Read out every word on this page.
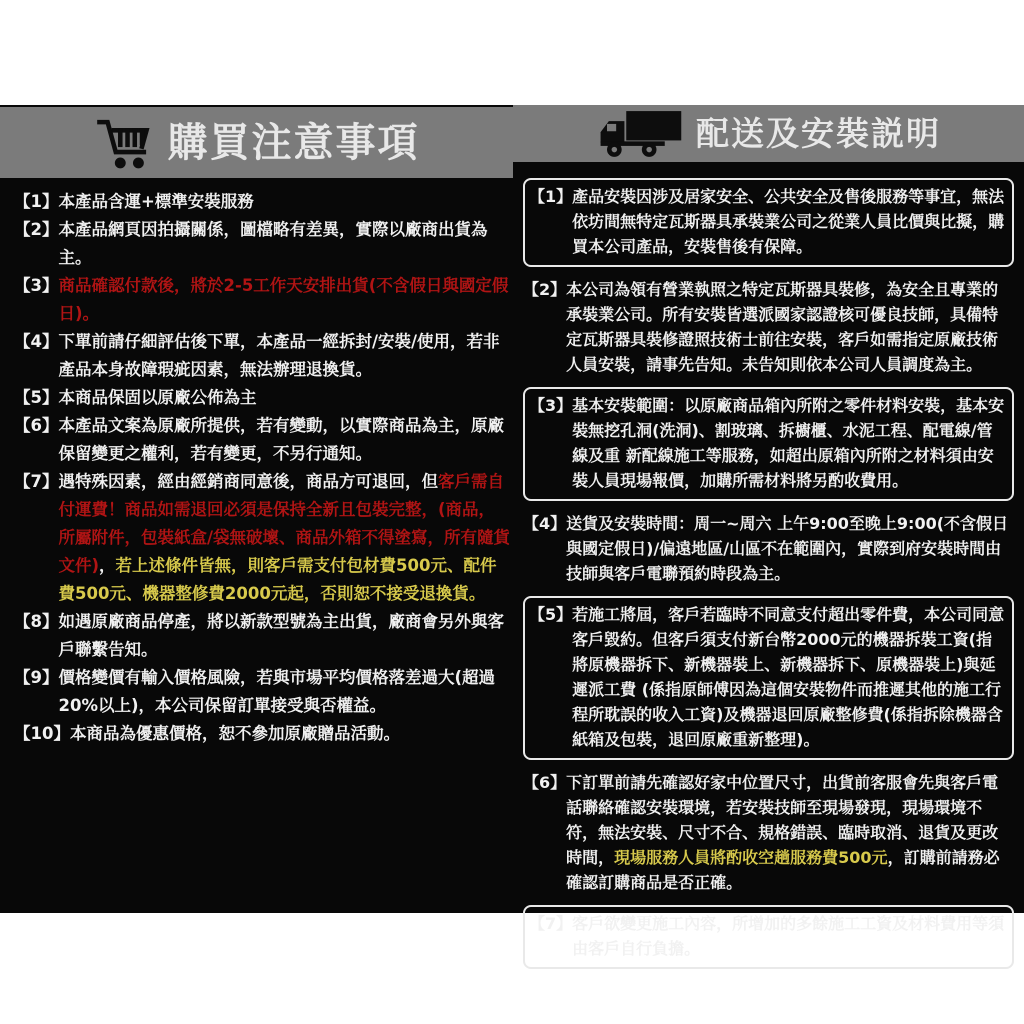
購買注意事項
【1】 本產品含運+標準安裝服務
【2】 本產品網頁因拍攝關係，圖檔略有差異，實際以廠商出貨為主。
【3】 商品確認付款後，將於2-5工作天安排出貨(不含假日與國定假日)。
【4】 下單前請仔細評估後下單，本產品一經拆封/安裝/使用，若非產品本身故障瑕疵因素，無法辦理退換貨。
【5】 本商品保固以原廠公佈為主
【6】 本產品文案為原廠所提供，若有變動，以實際商品為主，原廠保留變更之權利，若有變更，不另行通知。
【7】 遇特殊因素，經由經銷商同意後，商品方可退回，但客戶需自付運費！商品如需退回必須是保持全新且包裝完整，(商品，所屬附件，包裝紙盒/袋無破壞、商品外箱不得塗寫，所有隨貨文件)，若上述條件皆無，則客戶需支付包材費500元、配件費500元、機器整修費2000元起，否則恕不接受退換貨。
【8】 如遇原廠商品停產，將以新款型號為主出貨，廠商會另外與客戶聯繫告知。
【9】 價格變價有輸入價格風險，若與市場平均價格落差過大(超過20%以上)，本公司保留訂單接受與否權益。
【10】 本商品為優惠價格，恕不參加原廠贈品活動。
配送及安裝説明
【1】 產品安裝因涉及居家安全、公共安全及售後服務等事宜，無法依坊間無特定瓦斯器具承裝業公司之從業人員比價與比擬，購買本公司產品，安裝售後有保障。
【2】 本公司為領有營業執照之特定瓦斯器具裝修，為安全且專業的承裝業公司。所有安裝皆選派國家認證核可優良技師，具備特定瓦斯器具裝修證照技術士前往安裝，客戶如需指定原廠技術人員安裝，請事先告知。未告知則依本公司人員調度為主。
【3】 基本安裝範圍：以原廠商品箱內所附之零件材料安裝，基本安裝無挖孔洞(洗洞)、割玻璃、拆櫥櫃、水泥工程、配電線/管線及重 新配線施工等服務，如超出原箱內所附之材料須由安裝人員現場報價，加購所需材料將另酌收費用。
【4】 送貨及安裝時間：周一~周六 上午9:00至晚上9:00(不含假日與國定假日)/偏遠地區/山區不在範圍內，實際到府安裝時間由技師與客戶電聯預約時段為主。
【5】 若施工將屆，客戶若臨時不同意支付超出零件費，本公司同意客戶毀約。但客戶須支付新台幣2000元的機器拆裝工資(指將原機器拆下、新機器裝上、新機器拆下、原機器裝上)與延遲派工費 (係指原師傅因為這個安裝物件而推遲其他的施工行程所耽誤的收入工資)及機器退回原廠整修費(係指拆除機器含紙箱及包裝，退回原廠重新整理)。
【6】 下訂單前請先確認好家中位置尺寸，出貨前客服會先與客戶電話聯絡確認安裝環境，若安裝技師至現場發現，現場環境不符，無法安裝、尺寸不合、規格錯誤、臨時取消、退貨及更改時間，現場服務人員將酌收空趟服務費500元，訂購前請務必確認訂購商品是否正確。
【7】 客戶欲變更施工內容，所增加的多餘施工工資及材料費用等須由客戶自行負擔。
